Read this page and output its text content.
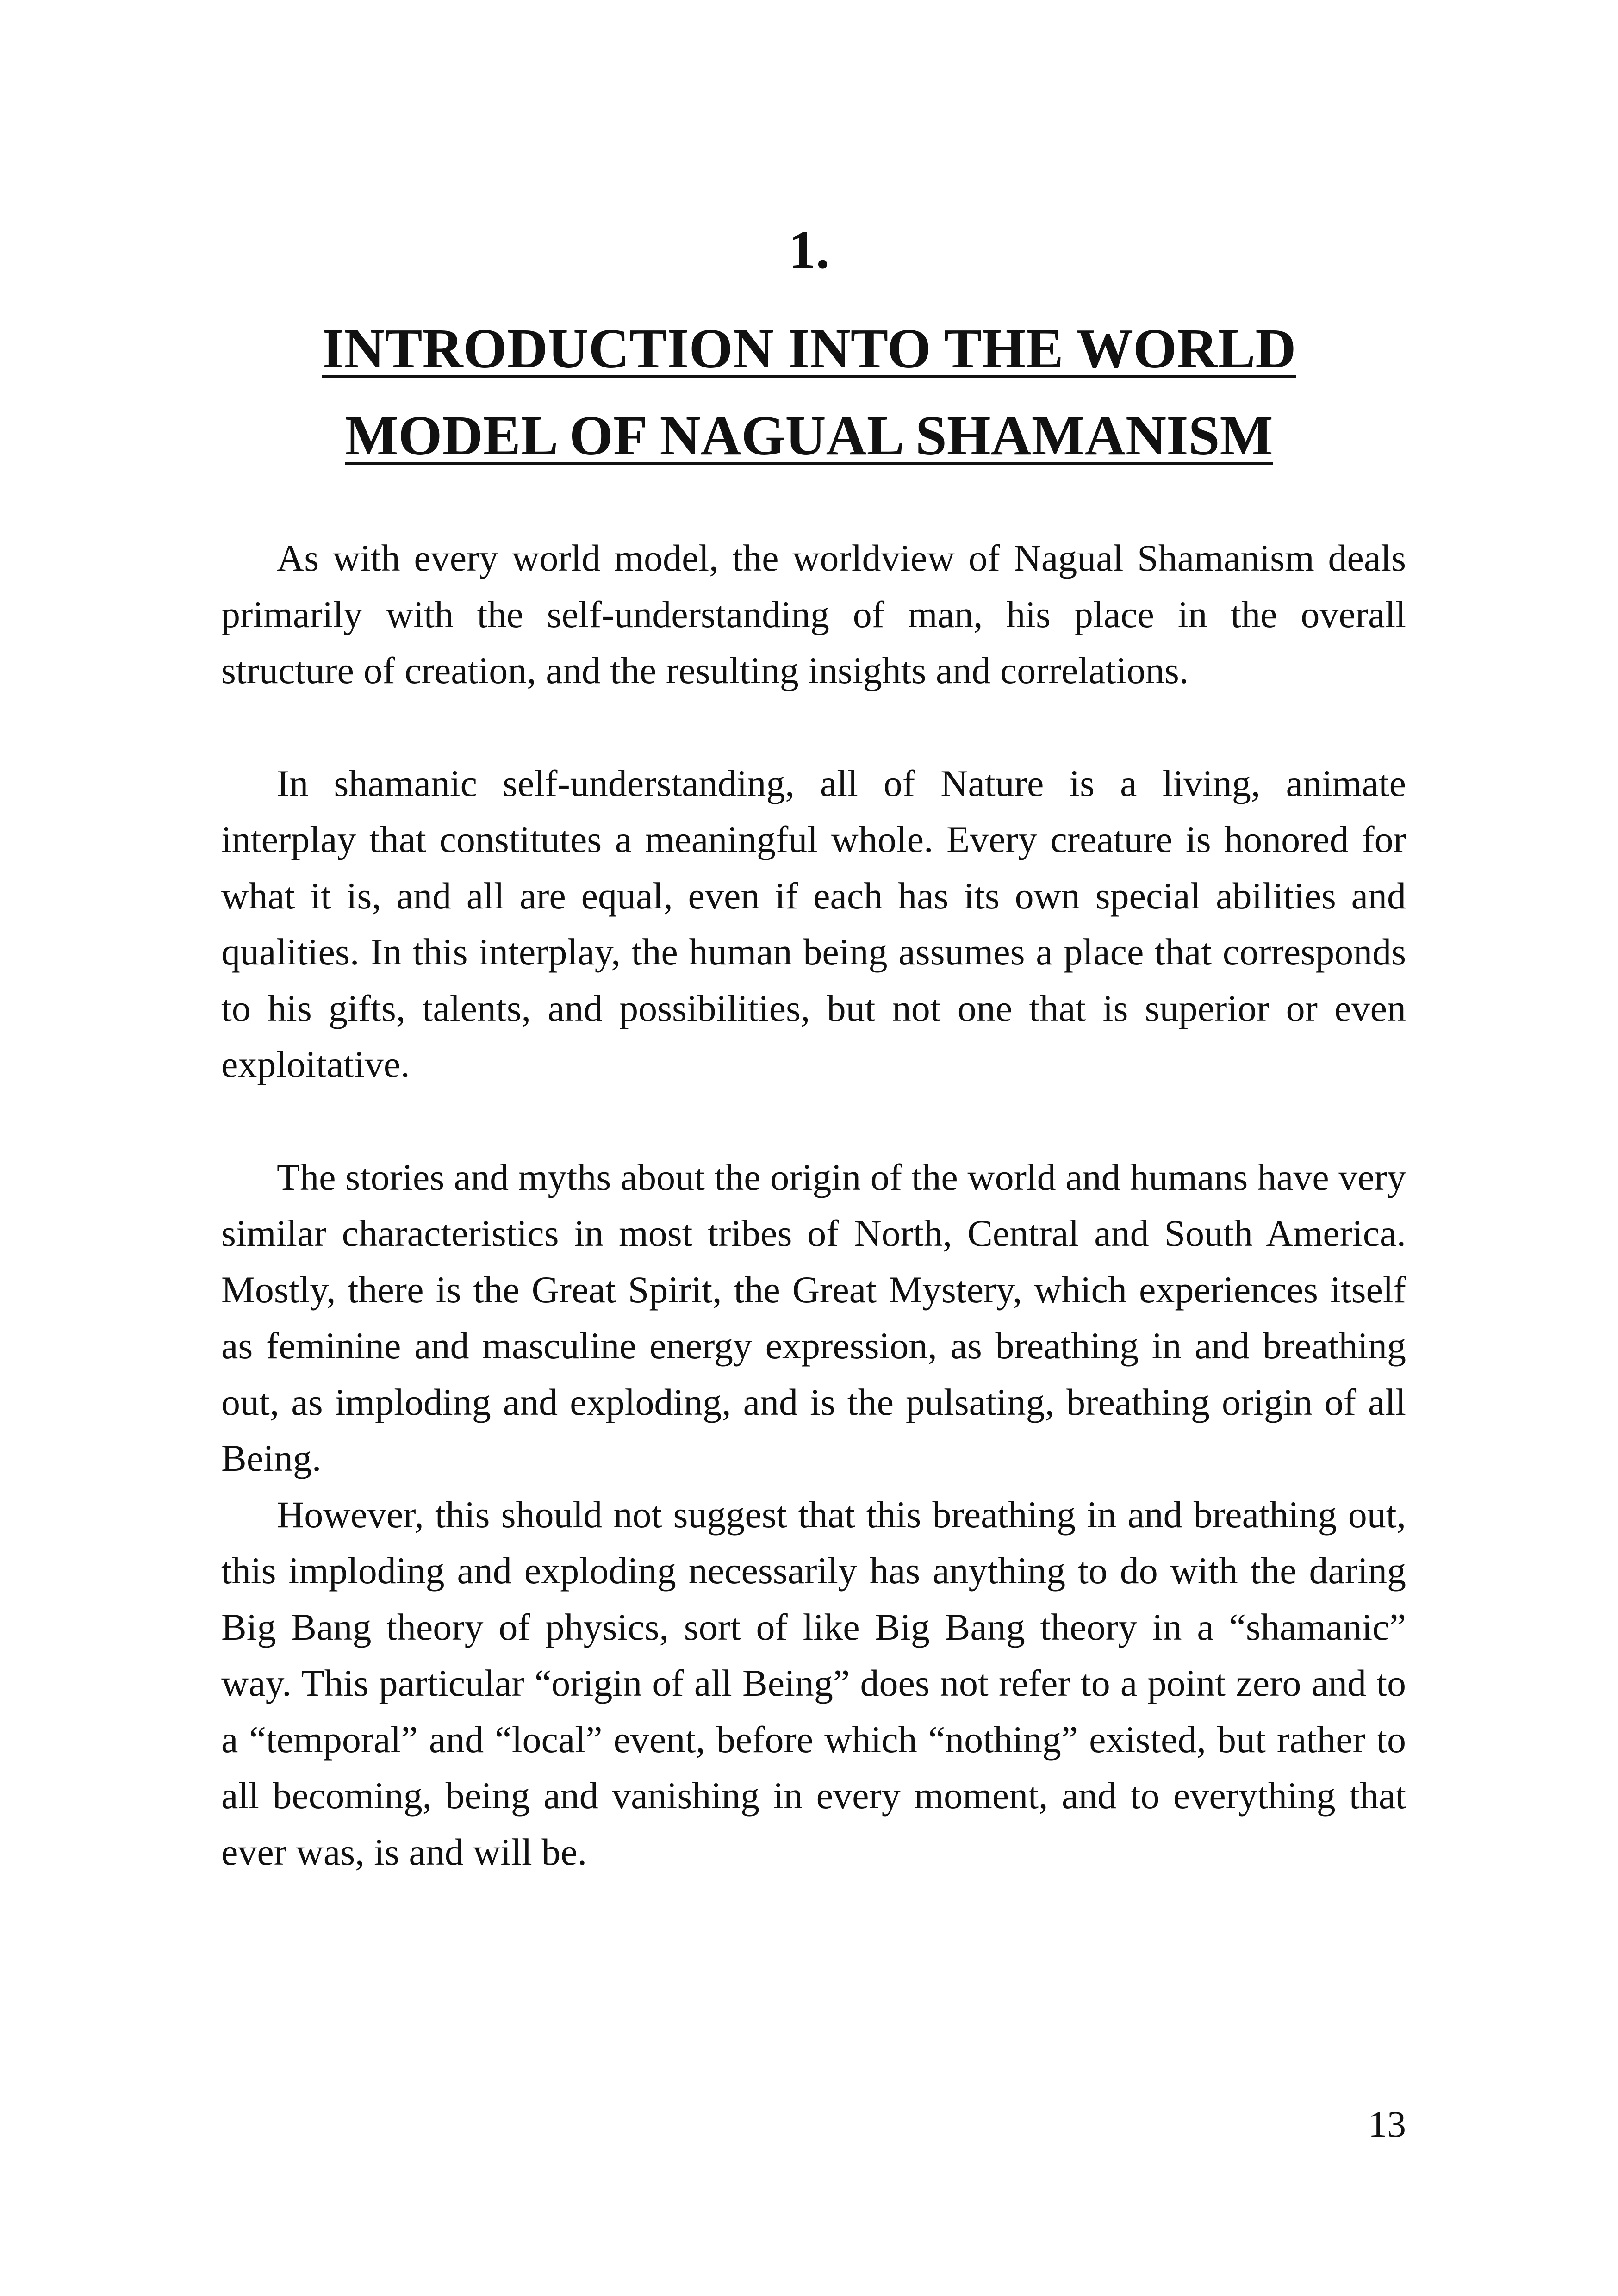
1.
INTRODUCTION INTO THE WORLD
MODEL OF NAGUAL SHAMANISM

As with every world model, the worldview of Nagual Shamanism deals primarily with the self-understanding of man, his place in the overall structure of creation, and the resulting insights and correlations.

In shamanic self-understanding, all of Nature is a living, animate interplay that constitutes a meaningful whole. Every creature is honored for what it is, and all are equal, even if each has its own special abilities and qualities. In this interplay, the human being assumes a place that corresponds to his gifts, talents, and possibilities, but not one that is superior or even exploitative.

The stories and myths about the origin of the world and humans have very similar characteristics in most tribes of North, Central and South America. Mostly, there is the Great Spirit, the Great Mystery, which experiences itself as feminine and masculine energy expression, as breathing in and breathing out, as imploding and exploding, and is the pulsating, breathing origin of all Being.

However, this should not suggest that this breathing in and breathing out, this imploding and exploding necessarily has anything to do with the daring Big Bang theory of physics, sort of like Big Bang theory in a “shamanic” way. This particular “origin of all Being” does not refer to a point zero and to a “temporal” and “local” event, before which “nothing” existed, but rather to all becoming, being and vanishing in every moment, and to everything that ever was, is and will be.

13
